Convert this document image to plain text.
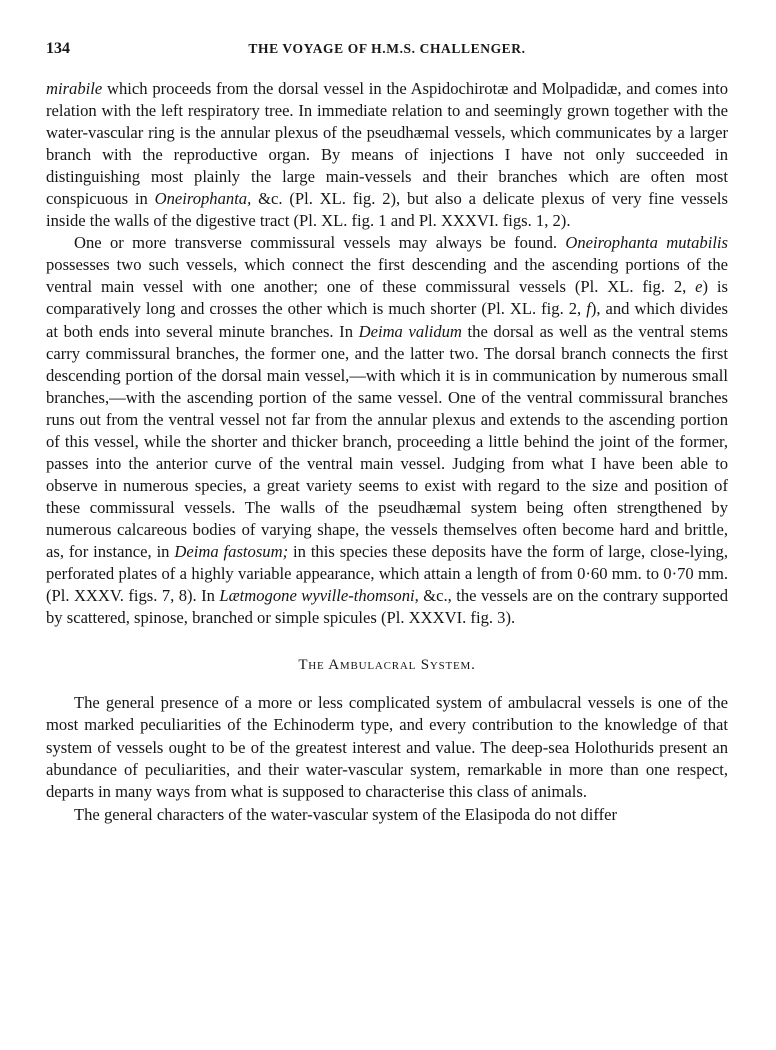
134	THE VOYAGE OF H.M.S. CHALLENGER.

mirabile which proceeds from the dorsal vessel in the Aspidochirotæ and Molpadidæ, and comes into relation with the left respiratory tree. In immediate relation to and seemingly grown together with the water-vascular ring is the annular plexus of the pseudhæmal vessels, which communicates by a larger branch with the reproductive organ. By means of injections I have not only succeeded in distinguishing most plainly the large main-vessels and their branches which are often most conspicuous in Oneirophanta, &c. (Pl. XL. fig. 2), but also a delicate plexus of very fine vessels inside the walls of the digestive tract (Pl. XL. fig. 1 and Pl. XXXVI. figs. 1, 2).

One or more transverse commissural vessels may always be found. Oneirophanta mutabilis possesses two such vessels, which connect the first descending and the ascending portions of the ventral main vessel with one another; one of these commissural vessels (Pl. XL. fig. 2, e) is comparatively long and crosses the other which is much shorter (Pl. XL. fig. 2, f), and which divides at both ends into several minute branches. In Deima validum the dorsal as well as the ventral stems carry commissural branches, the former one, and the latter two. The dorsal branch connects the first descending portion of the dorsal main vessel,—with which it is in communication by numerous small branches,—with the ascending portion of the same vessel. One of the ventral commissural branches runs out from the ventral vessel not far from the annular plexus and extends to the ascending portion of this vessel, while the shorter and thicker branch, proceeding a little behind the joint of the former, passes into the anterior curve of the ventral main vessel. Judging from what I have been able to observe in numerous species, a great variety seems to exist with regard to the size and position of these commissural vessels. The walls of the pseudhæmal system being often strengthened by numerous calcareous bodies of varying shape, the vessels themselves often become hard and brittle, as, for instance, in Deima fastosum; in this species these deposits have the form of large, close-lying, perforated plates of a highly variable appearance, which attain a length of from 0·60 mm. to 0·70 mm. (Pl. XXXV. figs. 7, 8). In Lætmogone wyville-thomsoni, &c., the vessels are on the contrary supported by scattered, spinose, branched or simple spicules (Pl. XXXVI. fig. 3).

The Ambulacral System.

The general presence of a more or less complicated system of ambulacral vessels is one of the most marked peculiarities of the Echinoderm type, and every contribution to the knowledge of that system of vessels ought to be of the greatest interest and value. The deep-sea Holothurids present an abundance of peculiarities, and their water-vascular system, remarkable in more than one respect, departs in many ways from what is supposed to characterise this class of animals.

The general characters of the water-vascular system of the Elasipoda do not differ
